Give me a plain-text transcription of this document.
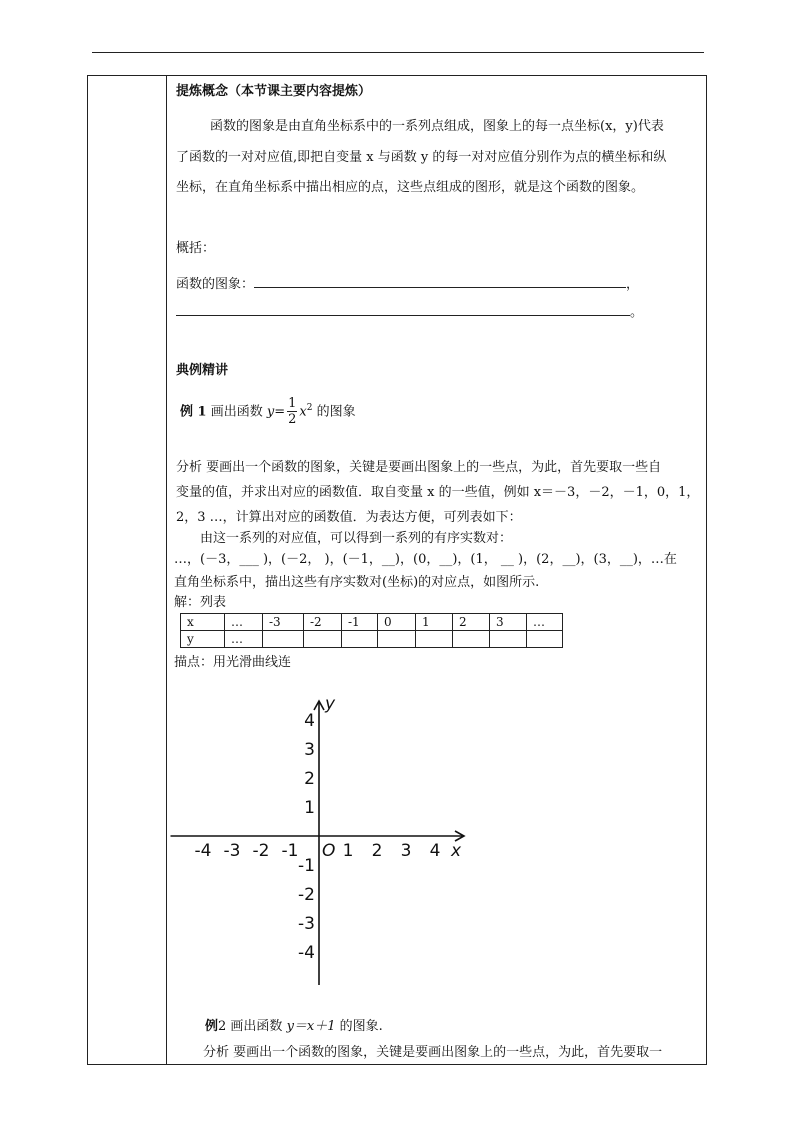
提炼概念（本节课主要内容提炼）
函数的图象是由直角坐标系中的一系列点组成，图象上的每一点坐标(x，y)代表
了函数的一对对应值,即把自变量 x 与函数 y 的每一对对应值分别作为点的横坐标和纵
坐标，在直角坐标系中描出相应的点，这些点组成的图形，就是这个函数的图象。
概括：
函数的图象：	，
。
典例精讲
例 1 画出函数 $y= \frac{1}{2} x^2$ 的图象
分析 要画出一个函数的图象，关键是要画出图象上的一些点，为此，首先要取一些自
变量的值，并求出对应的函数值．取自变量 x 的一些值，例如 x＝－3，－2，－1，0，1，
2，3 …，计算出对应的函数值．为表达方便，可列表如下：
由这一系列的对应值，可以得到一系列的有序实数对：
…，(－3，___ )，(－2， )，(－1，__)，(0，__)，(1， __ )，(2，__)，(3，__)，…在
直角坐标系中，描出这些有序实数对(坐标)的对应点，如图所示.
解：列表
x	…	-3	-2	-1	0	1	2	3	…
y	…								
描点：用光滑曲线连
-4 -3 -2 -1	1 2 3 4
4
3
2
1
-1
-2
-3
-4
O	x
y
例2 画出函数 y＝x＋1 的图象.
分析 要画出一个函数的图象，关键是要画出图象上的一些点，为此，首先要取一
